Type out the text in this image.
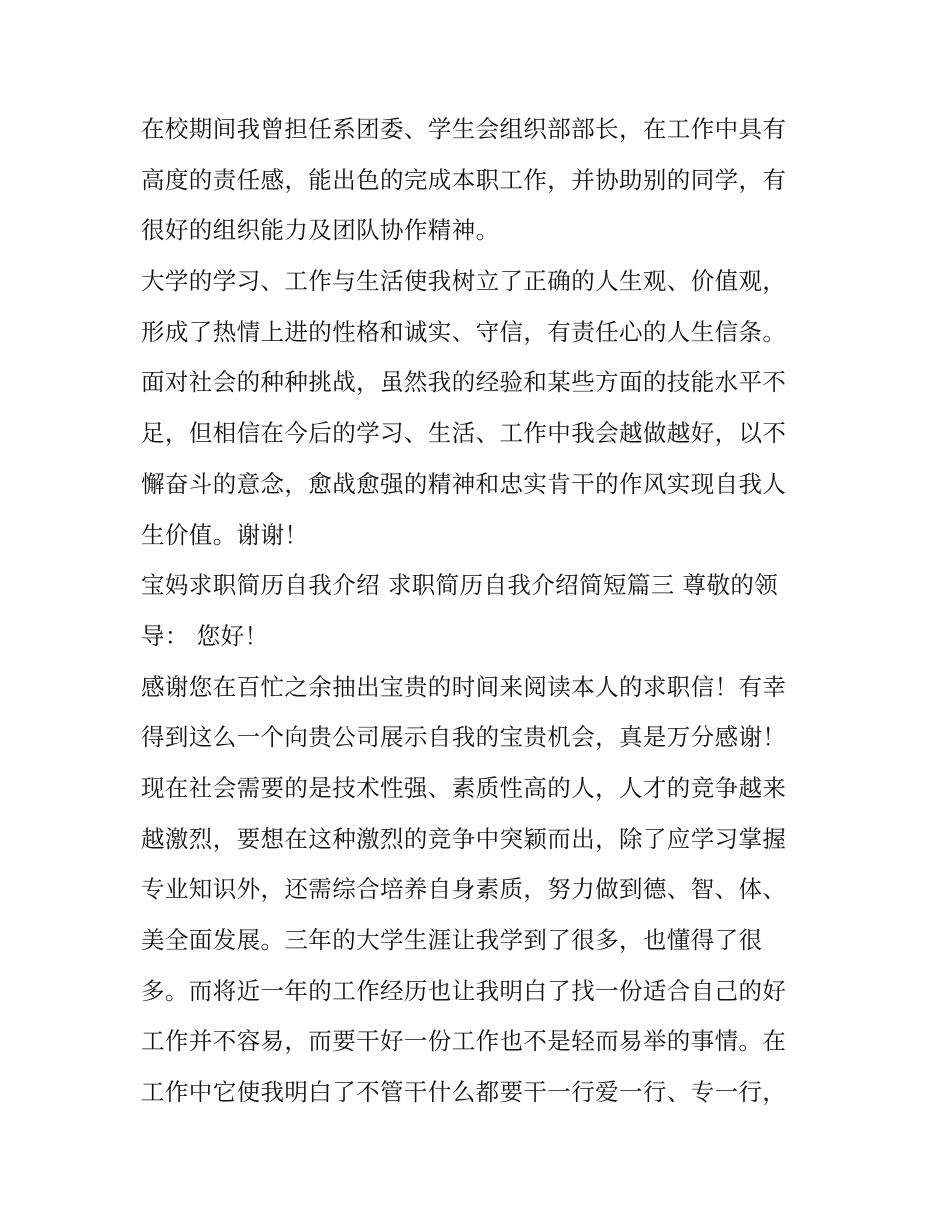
在校期间我曾担任系团委、学生会组织部部长，在工作中具有
高度的责任感，能出色的完成本职工作，并协助别的同学，有
很好的组织能力及团队协作精神。
大学的学习、工作与生活使我树立了正确的人生观、价值观，
形成了热情上进的性格和诚实、守信，有责任心的人生信条。
面对社会的种种挑战，虽然我的经验和某些方面的技能水平不
足，但相信在今后的学习、生活、工作中我会越做越好，以不
懈奋斗的意念，愈战愈强的精神和忠实肯干的作风实现自我人
生价值。谢谢！
宝妈求职简历自我介绍 求职简历自我介绍简短篇三 尊敬的领
导： 您好！
感谢您在百忙之余抽出宝贵的时间来阅读本人的求职信！有幸
得到这么一个向贵公司展示自我的宝贵机会，真是万分感谢！
现在社会需要的是技术性强、素质性高的人，人才的竞争越来
越激烈，要想在这种激烈的竞争中突颖而出，除了应学习掌握
专业知识外，还需综合培养自身素质，努力做到德、智、体、
美全面发展。三年的大学生涯让我学到了很多，也懂得了很
多。而将近一年的工作经历也让我明白了找一份适合自己的好
工作并不容易，而要干好一份工作也不是轻而易举的事情。在
工作中它使我明白了不管干什么都要干一行爱一行、专一行，
